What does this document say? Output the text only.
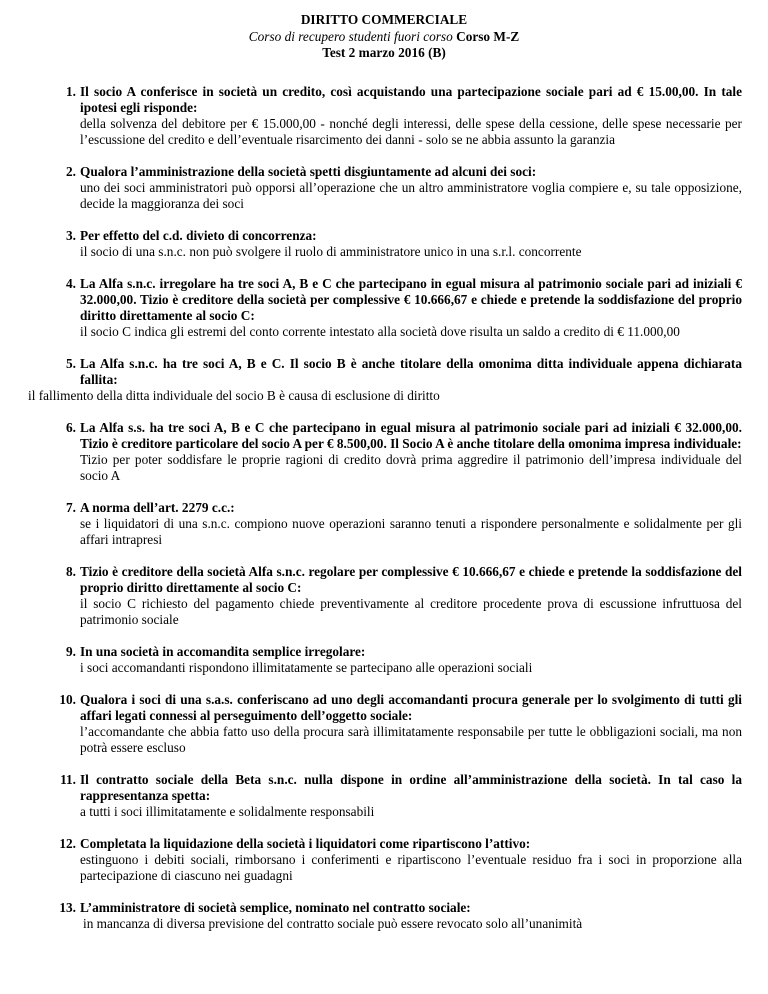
DIRITTO COMMERCIALE
Corso di recupero studenti fuori corso Corso M-Z
Test 2 marzo 2016 (B)
1. Il socio A conferisce in società un credito, così acquistando una partecipazione sociale pari ad € 15.00,00. In tale ipotesi egli risponde:
della solvenza del debitore per € 15.000,00 - nonché degli interessi, delle spese della cessione, delle spese necessarie per l’escussione del credito e dell’eventuale risarcimento dei danni - solo se ne abbia assunto la garanzia
2. Qualora l’amministrazione della società spetti disgiuntamente ad alcuni dei soci:
uno dei soci amministratori può opporsi all’operazione che un altro amministratore voglia compiere e, su tale opposizione, decide la maggioranza dei soci
3. Per effetto del c.d. divieto di concorrenza:
il socio di una s.n.c. non può svolgere il ruolo di amministratore unico in una s.r.l. concorrente
4. La Alfa s.n.c. irregolare ha tre soci A, B e C che partecipano in egual misura al patrimonio sociale pari ad iniziali € 32.000,00. Tizio è creditore della società per complessive € 10.666,67 e chiede e pretende la soddisfazione del proprio diritto direttamente al socio C:
il socio C indica gli estremi del conto corrente intestato alla società dove risulta un saldo a credito di € 11.000,00
5. La Alfa s.n.c. ha tre soci A, B e C. Il socio B è anche titolare della omonima ditta individuale appena dichiarata fallita:
il fallimento della ditta individuale del socio B è causa di esclusione di diritto
6. La Alfa s.s. ha tre soci A, B e C che partecipano in egual misura al patrimonio sociale pari ad iniziali € 32.000,00. Tizio è creditore particolare del socio A per € 8.500,00. Il Socio A è anche titolare della omonima impresa individuale:
Tizio per poter soddisfare le proprie ragioni di credito dovrà prima aggredire il patrimonio dell’impresa individuale del socio A
7. A norma dell’art. 2279 c.c.:
se i liquidatori di una s.n.c. compiono nuove operazioni saranno tenuti a rispondere personalmente e solidalmente per gli affari intrapresi
8. Tizio è creditore della società Alfa s.n.c. regolare per complessive € 10.666,67 e chiede e pretende la soddisfazione del proprio diritto direttamente al socio C:
il socio C richiesto del pagamento chiede preventivamente al creditore procedente prova di escussione infruttuosa del patrimonio sociale
9. In una società in accomandita semplice irregolare:
i soci accomandanti rispondono illimitatamente se partecipano alle operazioni sociali
10. Qualora i soci di una s.a.s. conferiscano ad uno degli accomandanti procura generale per lo svolgimento di tutti gli affari legati connessi al perseguimento dell’oggetto sociale:
l’accomandante che abbia fatto uso della procura sarà illimitatamente responsabile per tutte le obbligazioni sociali, ma non potrà essere escluso
11. Il contratto sociale della Beta s.n.c. nulla dispone in ordine all’amministrazione della società. In tal caso la rappresentanza spetta:
a tutti i soci illimitatamente e solidalmente responsabili
12. Completata la liquidazione della società i liquidatori come ripartiscono l’attivo:
estinguono i debiti sociali, rimborsano i conferimenti e ripartiscono l’eventuale residuo fra i soci in proporzione alla partecipazione di ciascuno nei guadagni
13. L’amministratore di società semplice, nominato nel contratto sociale:
in mancanza di diversa previsione del contratto sociale può essere revocato solo all’unanimità
